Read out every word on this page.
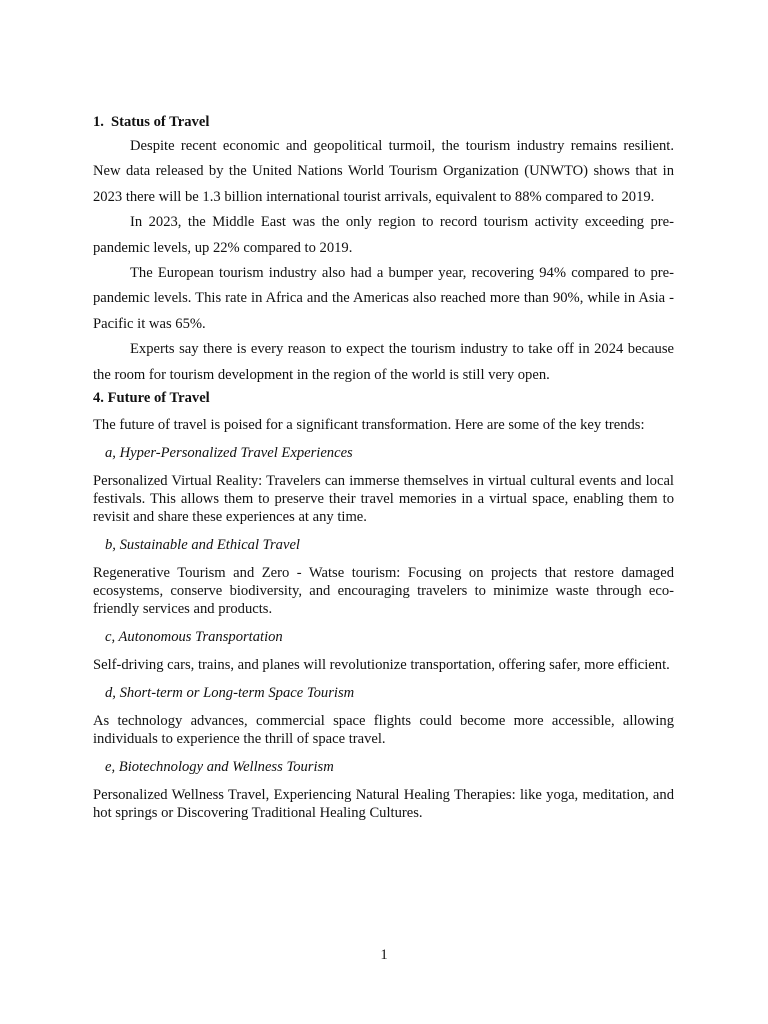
1. Status of Travel

Despite recent economic and geopolitical turmoil, the tourism industry remains resilient. New data released by the United Nations World Tourism Organization (UNWTO) shows that in 2023 there will be 1.3 billion international tourist arrivals, equivalent to 88% compared to 2019.

In 2023, the Middle East was the only region to record tourism activity exceeding pre-pandemic levels, up 22% compared to 2019.

The European tourism industry also had a bumper year, recovering 94% compared to pre-pandemic levels. This rate in Africa and the Americas also reached more than 90%, while in Asia - Pacific it was 65%.

Experts say there is every reason to expect the tourism industry to take off in 2024 because the room for tourism development in the region of the world is still very open.

4. Future of Travel

The future of travel is poised for a significant transformation. Here are some of the key trends:

a, Hyper-Personalized Travel Experiences

Personalized Virtual Reality: Travelers can immerse themselves in virtual cultural events and local festivals. This allows them to preserve their travel memories in a virtual space, enabling them to revisit and share these experiences at any time.

b, Sustainable and Ethical Travel

Regenerative Tourism and Zero - Watse tourism: Focusing on projects that restore damaged ecosystems, conserve biodiversity, and encouraging travelers to minimize waste through eco-friendly services and products.

c, Autonomous Transportation

Self-driving cars, trains, and planes will revolutionize transportation, offering safer, more efficient.

d, Short-term or Long-term Space Tourism

As technology advances, commercial space flights could become more accessible, allowing individuals to experience the thrill of space travel.

e, Biotechnology and Wellness Tourism

Personalized Wellness Travel, Experiencing Natural Healing Therapies: like yoga, meditation, and hot springs or Discovering Traditional Healing Cultures.

1
